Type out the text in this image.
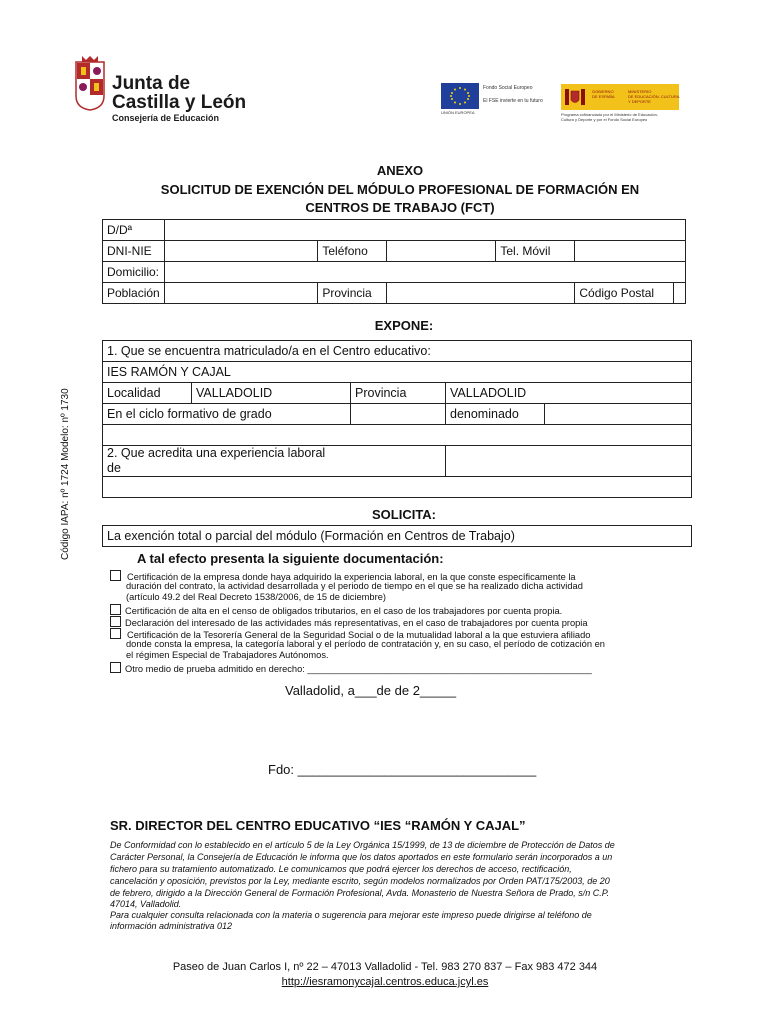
Junta de
Castilla y León
Consejería de Educación
Fondo Social Europeo
El FSE invierte en tu futuro
UNIÓN EUROPEA
GOBIERNO
DE ESPAÑA
MINISTERIO
DE EDUCACIÓN, CULTURA
Y DEPORTE
Programa cofinanciado por el Ministerio de Educación,
Cultura y Deporte y por el Fondo Social Europeo
Código IAPA: nº 1724 Modelo: nº 1730
ANEXO
SOLICITUD DE EXENCIÓN DEL MÓDULO PROFESIONAL DE FORMACIÓN EN
CENTROS DE TRABAJO (FCT)
D/Dª						
DNI-NIE		Teléfono		Tel. Móvil		
Domicilio:						
Población		Provincia			Código Postal	
EXPONE:
1. Que se encuentra matriculado/a en el Centro educativo:				
IES RAMÓN Y CAJAL				
Localidad	VALLADOLID	Provincia	VALLADOLID	
En el ciclo formativo de grado			denominado	

2. Que acredita una experiencia laboral
de				

SOLICITA:
La exención total o parcial del módulo (Formación en Centros de Trabajo)
A tal efecto presenta la siguiente documentación:
Certificación de la empresa donde haya adquirido la experiencia laboral, en la que conste específicamente la
duración del contrato, la actividad desarrollada y el periodo de tiempo en el que se ha realizado dicha actividad
(artículo 49.2 del Real Decreto 1538/2006, de 15 de diciembre)
Certificación de alta en el censo de obligados tributarios, en el caso de los trabajadores por cuenta propia.
Declaración del interesado de las actividades más representativas, en el caso de trabajadores por cuenta propia
Certificación de la Tesorería General de la Seguridad Social o de la mutualidad laboral a la que estuviera afiliado
donde consta la empresa, la categoría laboral y el período de contratación y, en su caso, el período de cotización en
el régimen Especial de Trabajadores Autónomos.
Otro medio de prueba admitido en derecho: _______________________________________________________
Valladolid, a___de de 2_____
Fdo: _________________________________
SR. DIRECTOR DEL CENTRO EDUCATIVO “IES “RAMÓN Y CAJAL”
De Conformidad con lo establecido en el artículo 5 de la Ley Orgánica 15/1999, de 13 de diciembre de Protección de Datos de
Carácter Personal, la Consejería de Educación le informa que los datos aportados en este formulario serán incorporados a un
fichero para su tratamiento automatizado. Le comunicamos que podrá ejercer los derechos de acceso, rectificación,
cancelación y oposición, previstos por la Ley, mediante escrito, según modelos normalizados por Orden PAT/175/2003, de 20
de febrero, dirigido a la Dirección General de Formación Profesional, Avda. Monasterio de Nuestra Señora de Prado, s/n C.P.
47014, Valladolid.
Para cualquier consulta relacionada con la materia o sugerencia para mejorar este impreso puede dirigirse al teléfono de
información administrativa 012
Paseo de Juan Carlos I, nº 22 – 47013 Valladolid - Tel. 983 270 837 – Fax 983 472 344
http://iesramonycajal.centros.educa.jcyl.es
